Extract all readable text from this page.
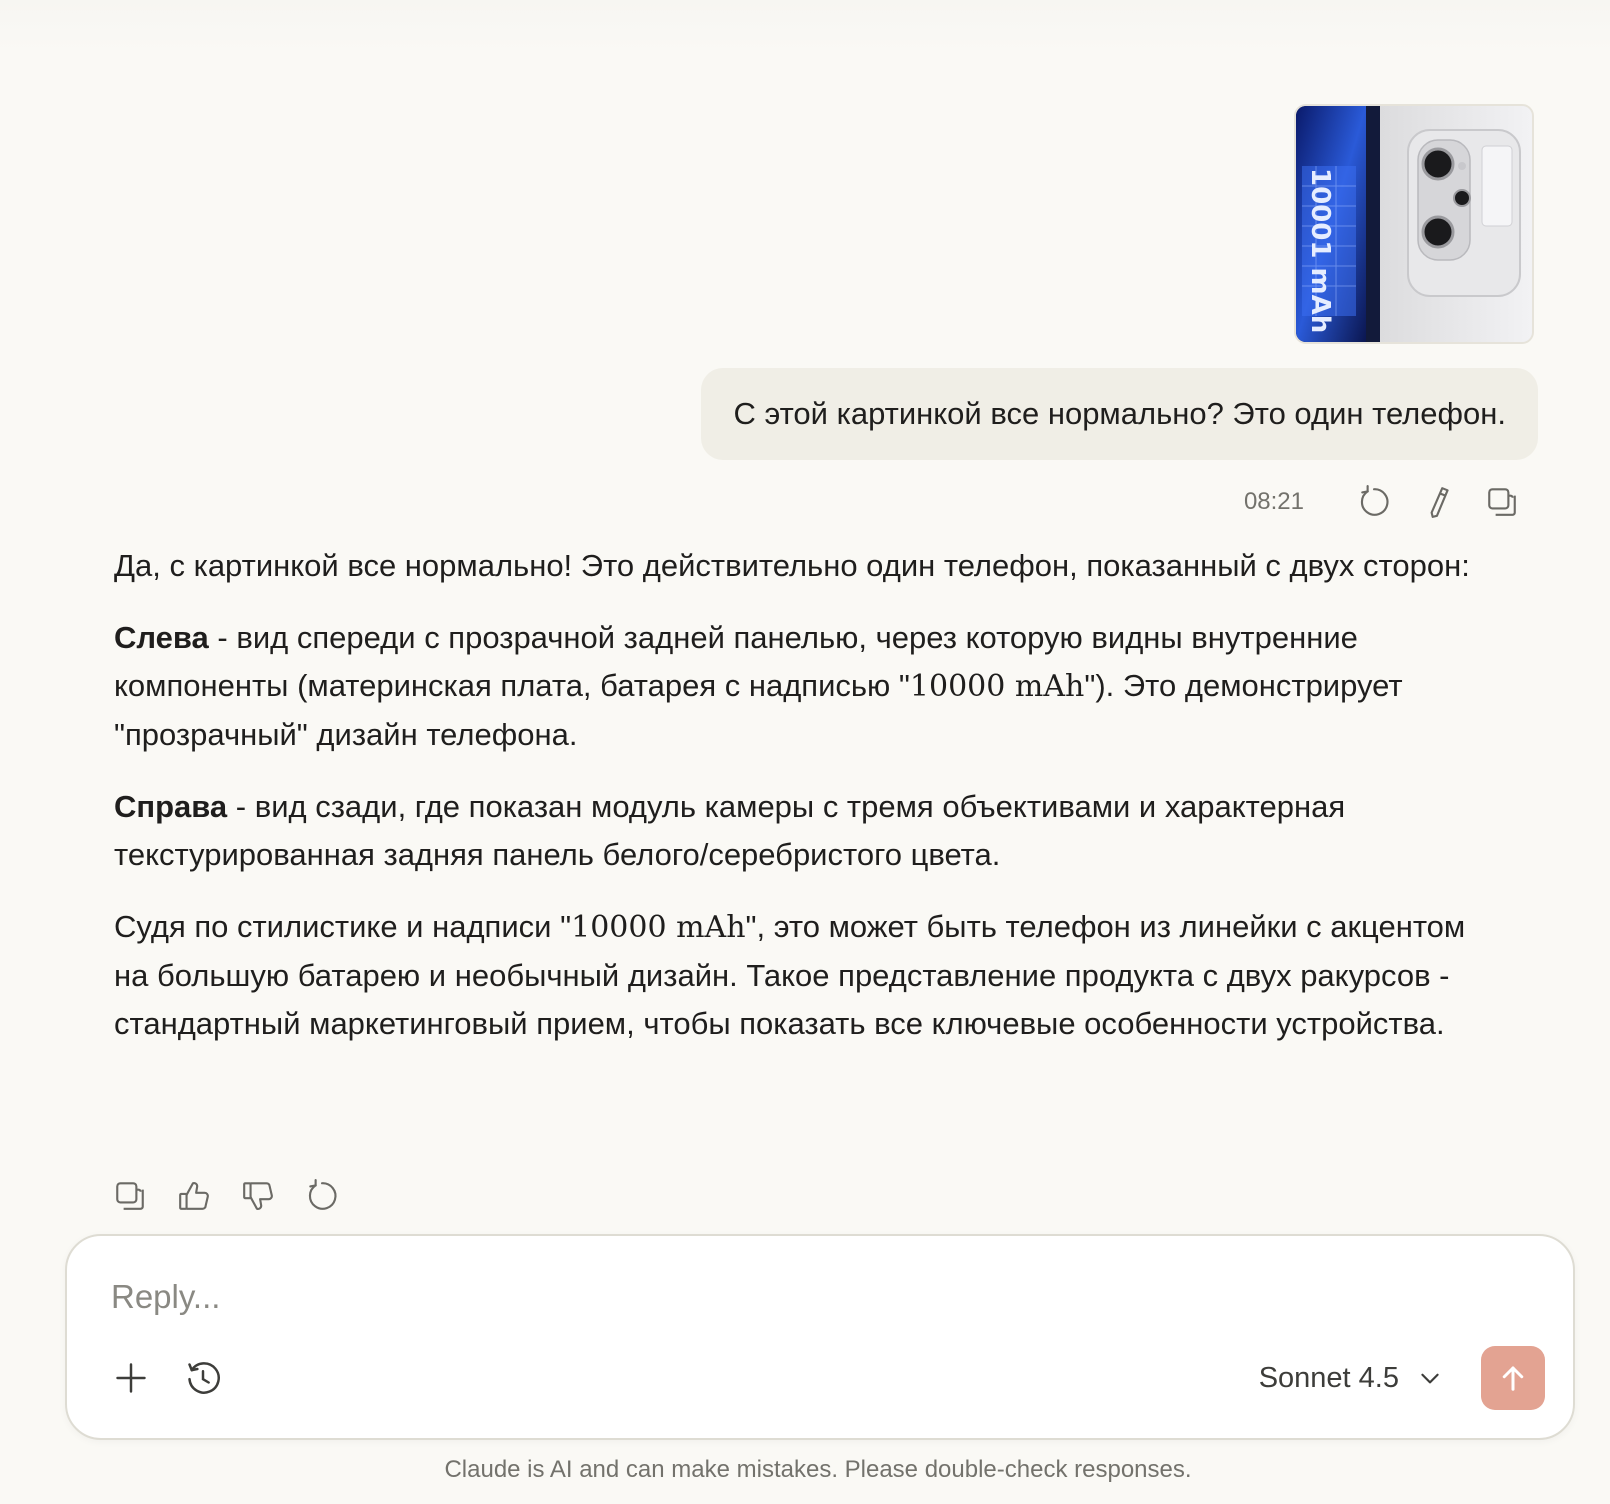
10001 mAh
С этой картинкой все нормально? Это один телефон.
08:21

Да, с картинкой все нормально! Это действительно один телефон, показанный с двух сторон:

Слева - вид спереди с прозрачной задней панелью, через которую видны внутренние компоненты (материнская плата, батарея с надписью "10000 mAh"). Это демонстрирует "прозрачный" дизайн телефона.

Справа - вид сзади, где показан модуль камеры с тремя объективами и характерная текстурированная задняя панель белого/серебристого цвета.

Судя по стилистике и надписи "10000 mAh", это может быть телефон из линейки с акцентом на большую батарею и необычный дизайн. Такое представление продукта с двух ракурсов - стандартный маркетинговый прием, чтобы показать все ключевые особенности устройства.

Reply...
Sonnet 4.5
Claude is AI and can make mistakes. Please double-check responses.
